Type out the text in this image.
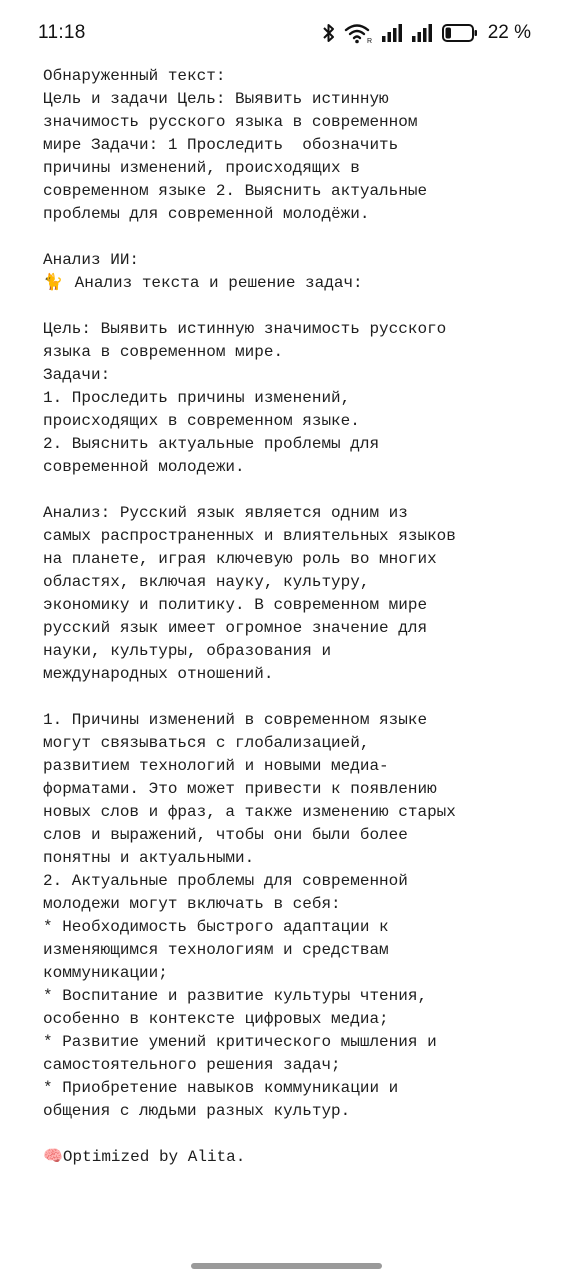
11:18	R	22 %
Обнаруженный текст:
Цель и задачи Цель: Выявить истинную
значимость русского языка в современном
мире Задачи: 1 Проследить  обозначить
причины изменений, происходящих в
современном языке 2. Выяснить актуальные
проблемы для современной молодёжи.
Анализ ИИ:
🐈 Анализ текста и решение задач:
Цель: Выявить истинную значимость русского
языка в современном мире.
Задачи:
1. Проследить причины изменений,
происходящих в современном языке.
2. Выяснить актуальные проблемы для
современной молодежи.
Анализ: Русский язык является одним из
самых распространенных и влиятельных языков
на планете, играя ключевую роль во многих
областях, включая науку, культуру,
экономику и политику. В современном мире
русский язык имеет огромное значение для
науки, культуры, образования и
международных отношений.
1. Причины изменений в современном языке
могут связываться с глобализацией,
развитием технологий и новыми медиа-
форматами. Это может привести к появлению
новых слов и фраз, а также изменению старых
слов и выражений, чтобы они были более
понятны и актуальными.
2. Актуальные проблемы для современной
молодежи могут включать в себя:
* Необходимость быстрого адаптации к
изменяющимся технологиям и средствам
коммуникации;
* Воспитание и развитие культуры чтения,
особенно в контексте цифровых медиа;
* Развитие умений критического мышления и
самостоятельного решения задач;
* Приобретение навыков коммуникации и
общения с людьми разных культур.
🧠Optimized by Alita.
